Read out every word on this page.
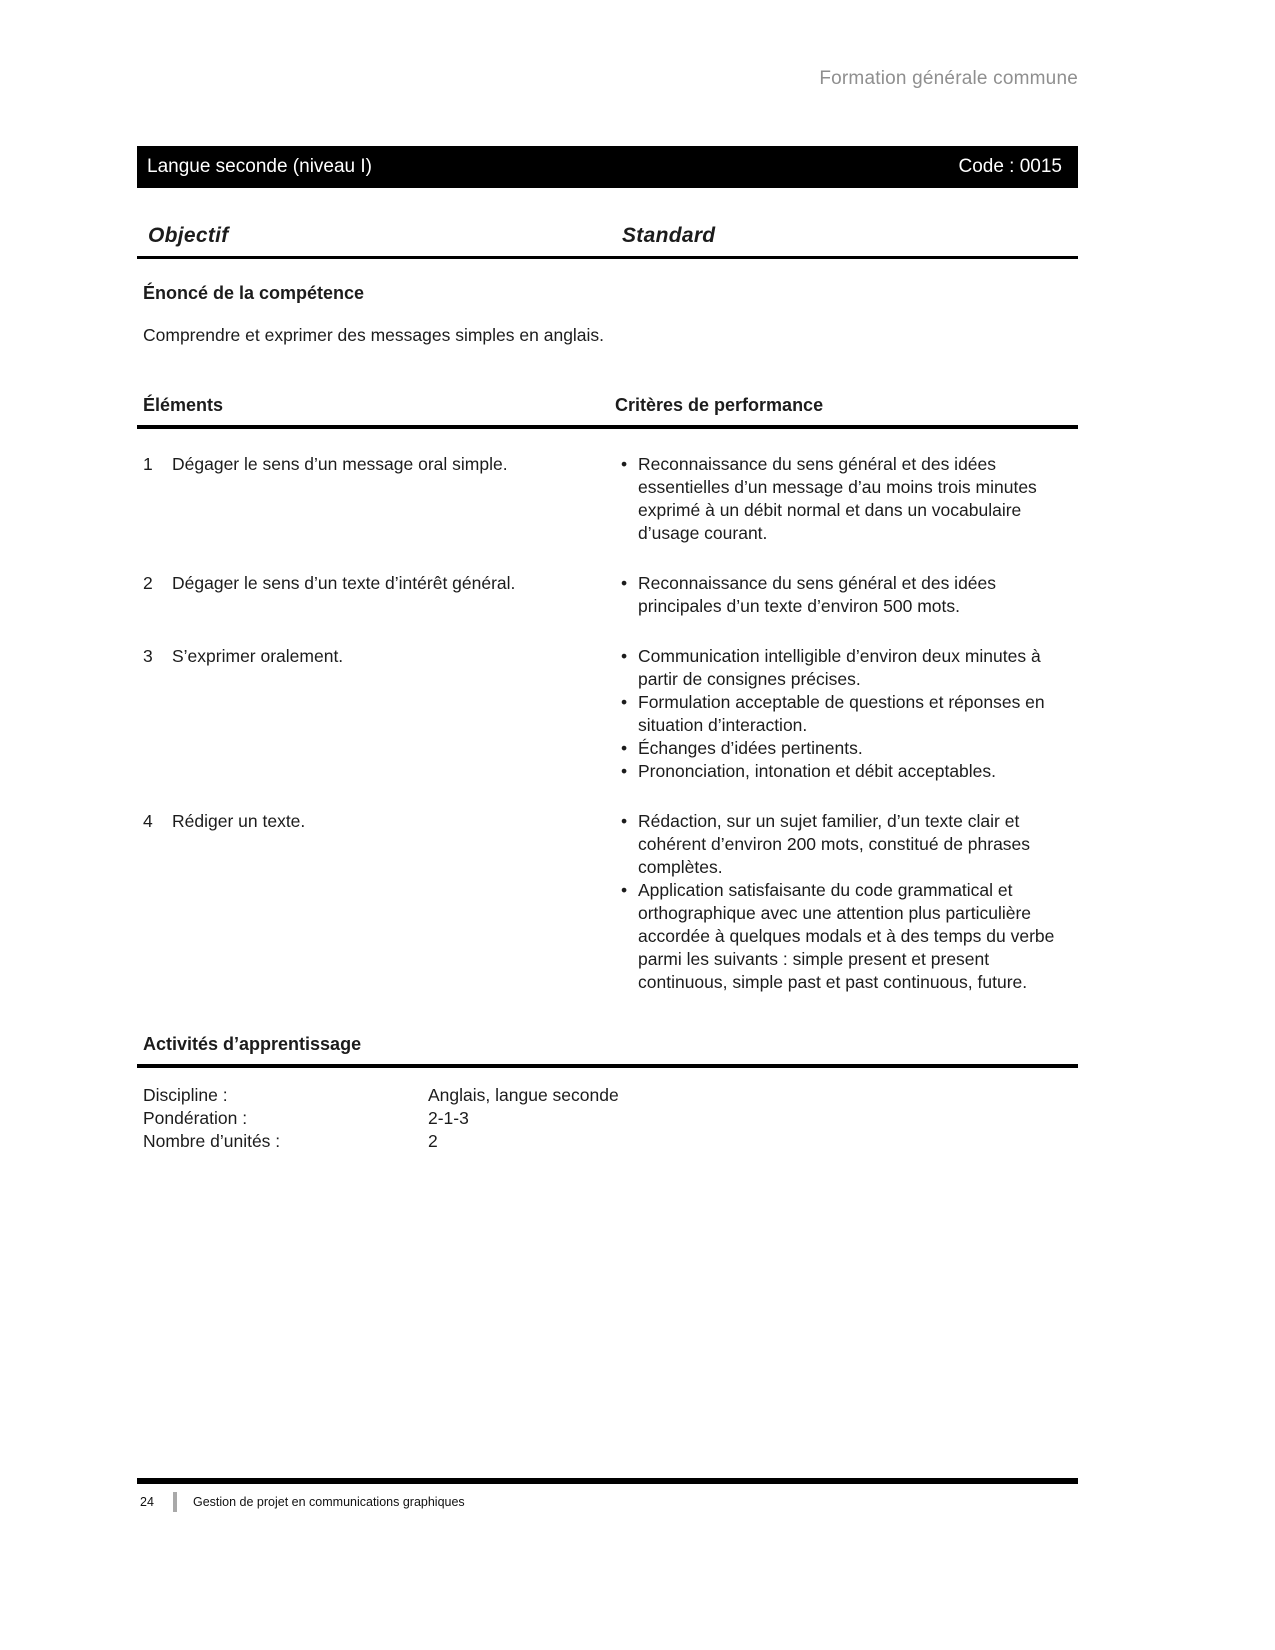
Formation générale commune
Langue seconde (niveau I)	Code : 0015
Objectif	Standard
Énoncé de la compétence
Comprendre et exprimer des messages simples en anglais.
Éléments	Critères de performance
1	Dégager le sens d’un message oral simple.	• Reconnaissance du sens général et des idées essentielles d’un message d’au moins trois minutes exprimé à un débit normal et dans un vocabulaire d’usage courant.
2	Dégager le sens d’un texte d’intérêt général.	• Reconnaissance du sens général et des idées principales d’un texte d’environ 500 mots.
3	S’exprimer oralement.	• Communication intelligible d’environ deux minutes à partir de consignes précises.
• Formulation acceptable de questions et réponses en situation d’interaction.
• Échanges d’idées pertinents.
• Prononciation, intonation et débit acceptables.
4	Rédiger un texte.	• Rédaction, sur un sujet familier, d’un texte clair et cohérent d’environ 200 mots, constitué de phrases complètes.
• Application satisfaisante du code grammatical et orthographique avec une attention plus particulière accordée à quelques modals et à des temps du verbe parmi les suivants : simple present et present continuous, simple past et past continuous, future.
Activités d’apprentissage
Discipline :	Anglais, langue seconde
Pondération :	2-1-3
Nombre d’unités :	2
24	Gestion de projet en communications graphiques
